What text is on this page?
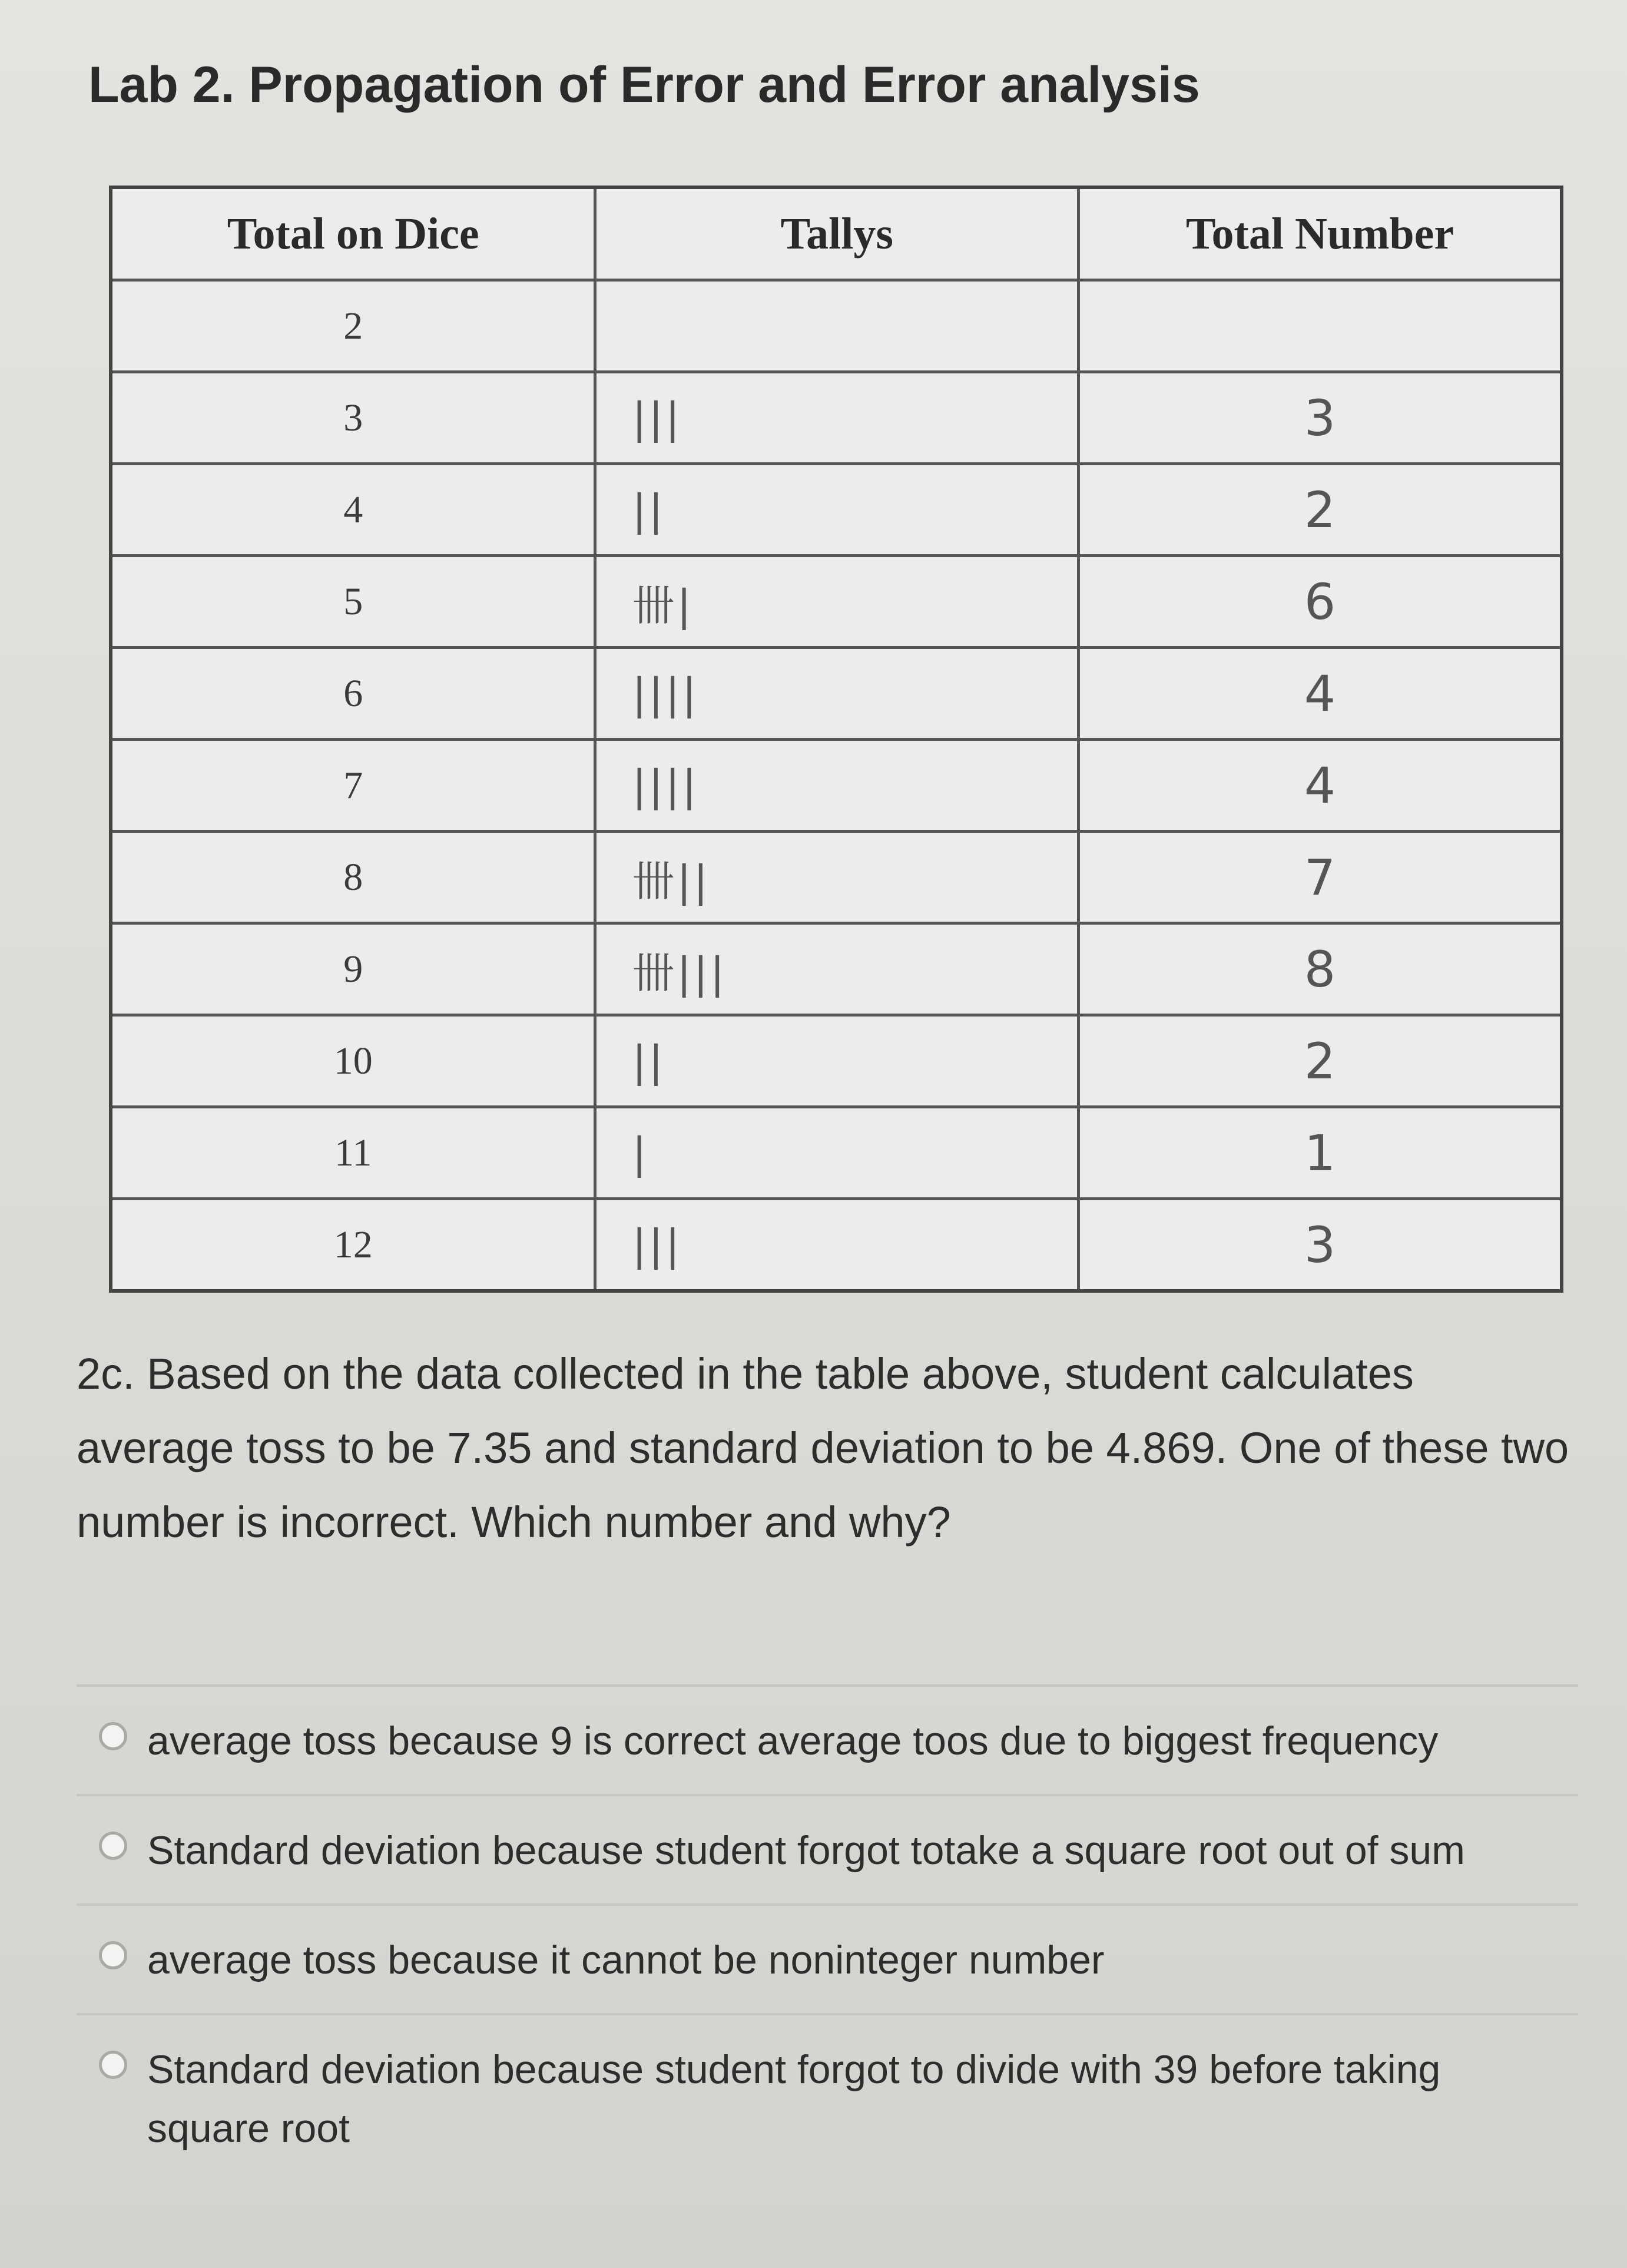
Lab 2. Propagation of Error and Error analysis
Total on Dice	Tallys	Total Number
2		
3	|||	3
4	||	2
5	卌|	6
6	||||	4
7	||||	4
8	卌||	7
9	卌|||	8
10	||	2
11	|	1
12	|||	3
2c. Based on the data collected in the table above, student calculates average toss to be 7.35 and standard deviation to be 4.869. One of these two number is incorrect. Which number and why?
average toss because 9 is correct average toos due to biggest frequency
Standard deviation because student forgot totake a square root out of sum
average toss because it cannot be noninteger number
Standard deviation because student forgot to divide with 39 before taking square root
